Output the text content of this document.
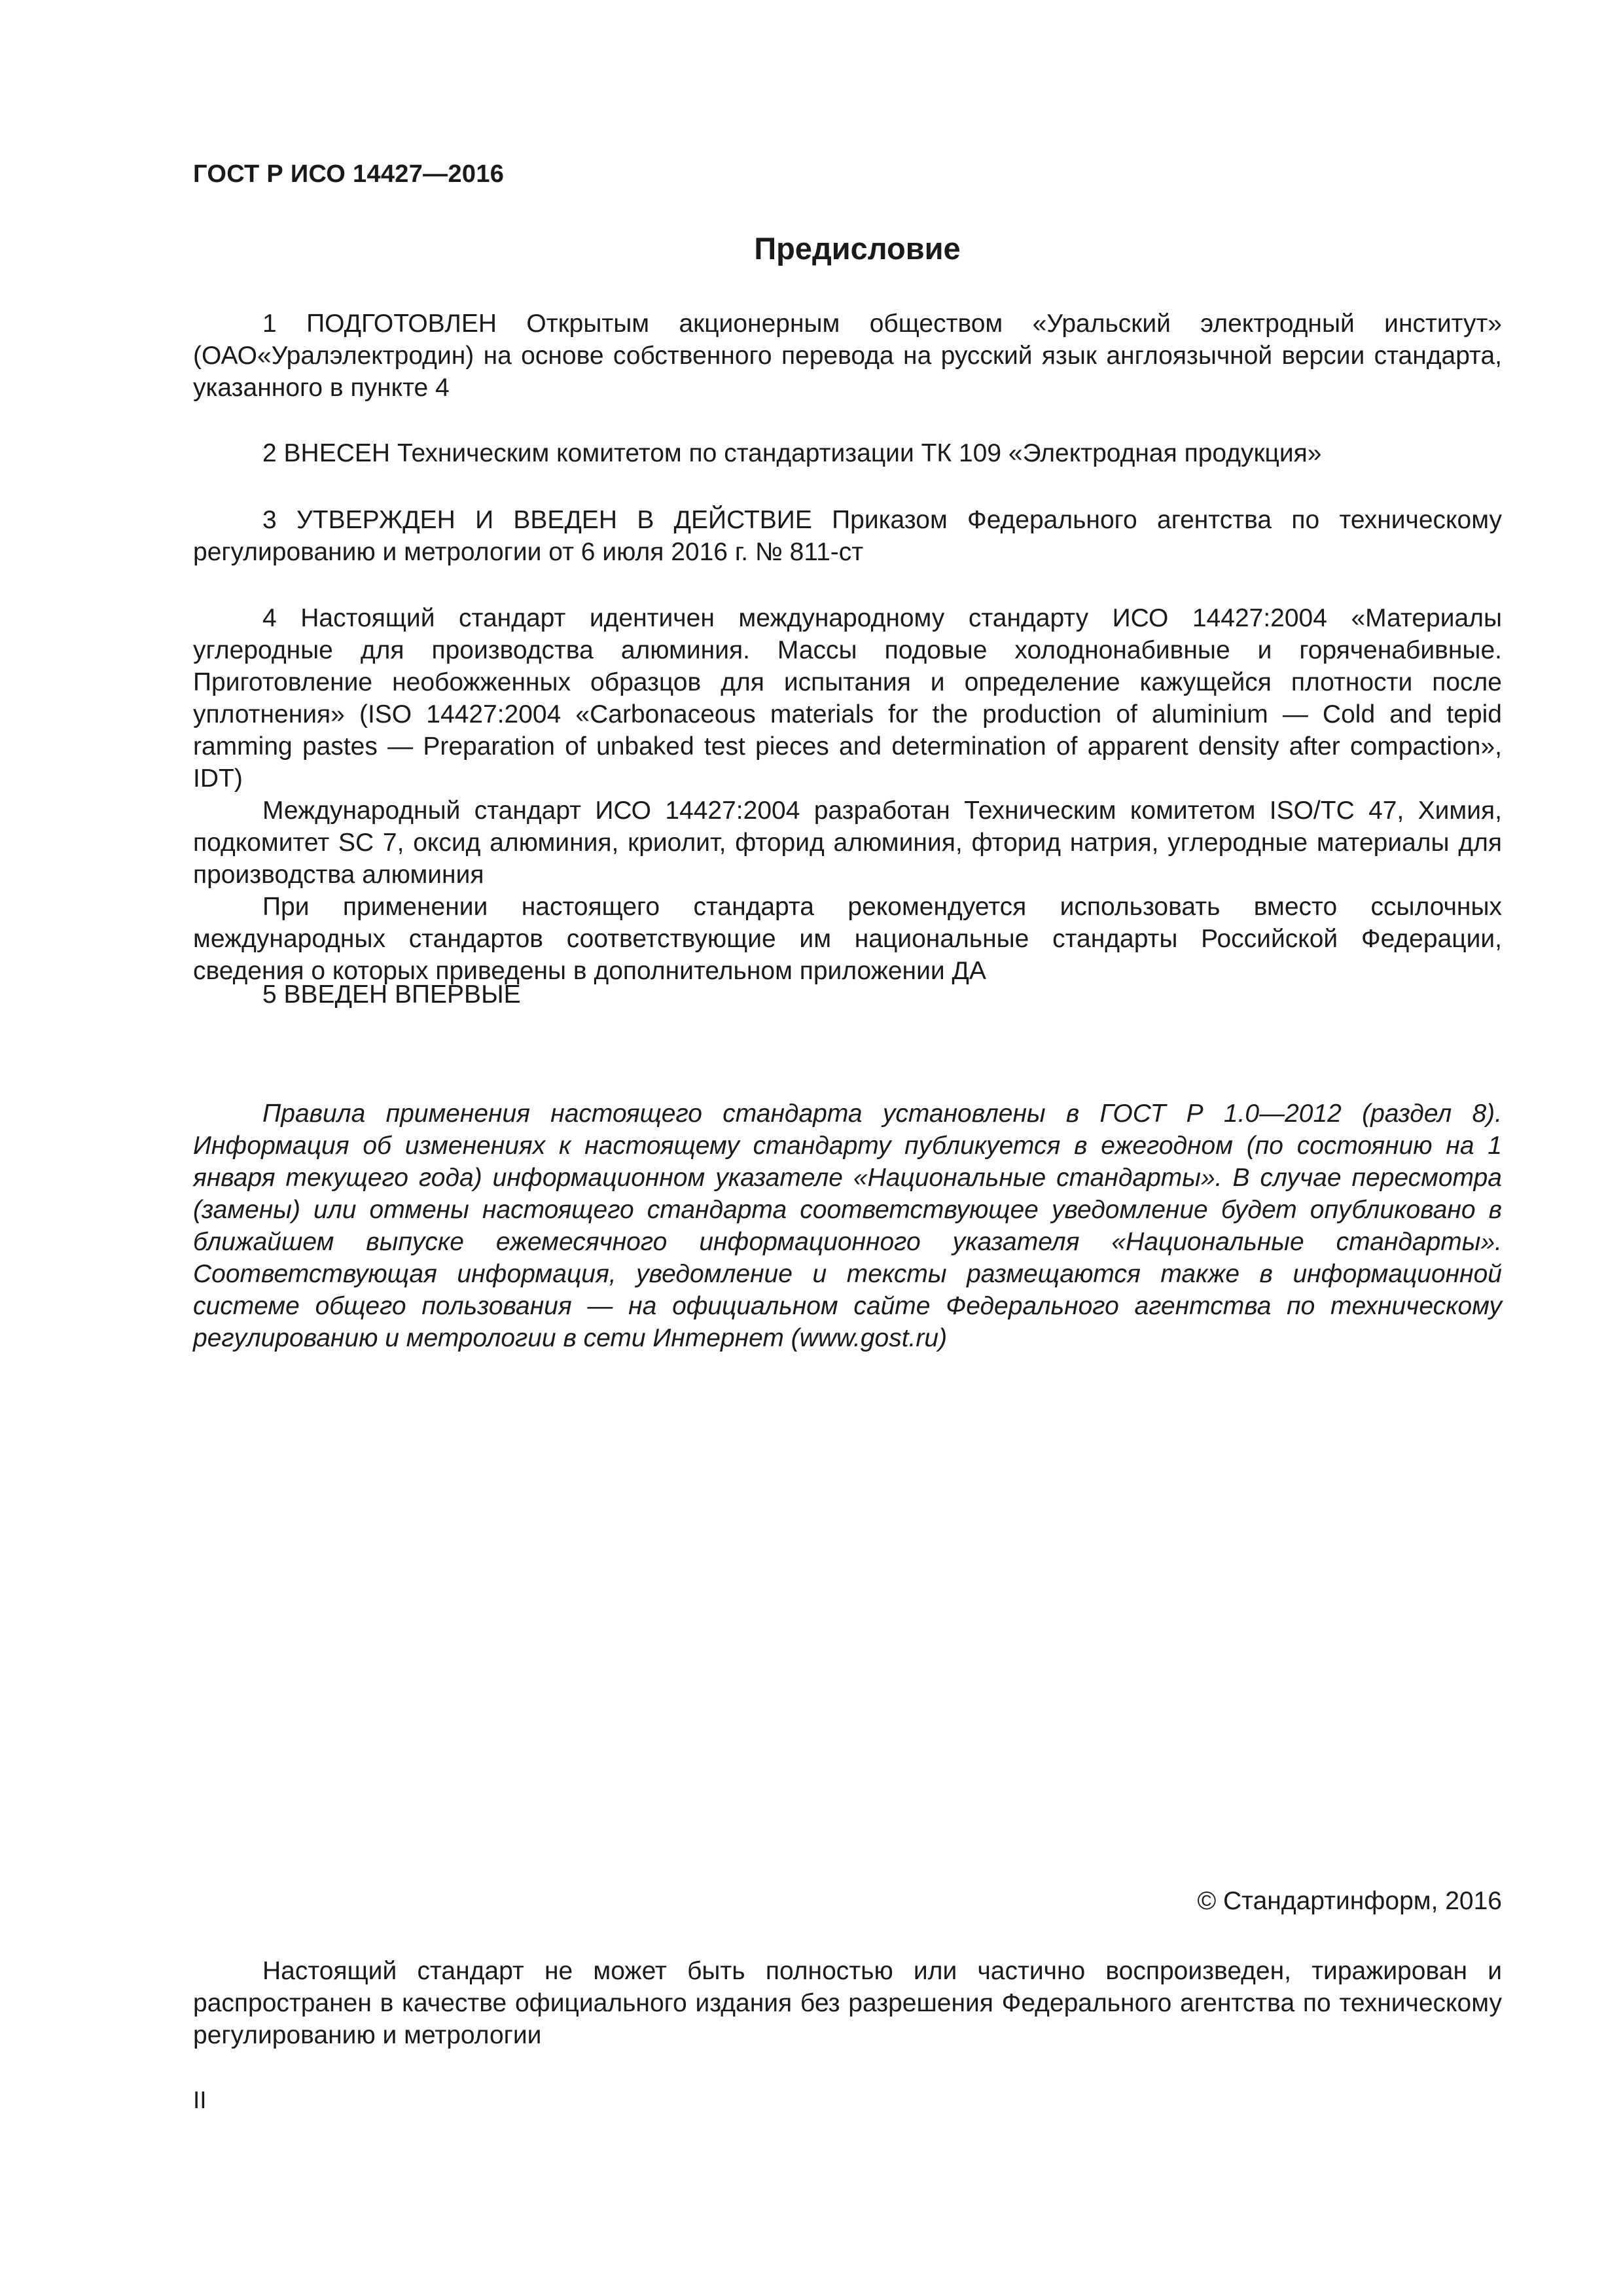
ГОСТ Р ИСО 14427—2016
Предисловие

1 ПОДГОТОВЛЕН Открытым акционерным обществом «Уральский электродный институт» (ОАО«Уралэлектродин) на основе собственного перевода на русский язык англоязычной версии стандарта, указанного в пункте 4

2 ВНЕСЕН Техническим комитетом по стандартизации ТК 109 «Электродная продукция»

3 УТВЕРЖДЕН И ВВЕДЕН В ДЕЙСТВИЕ Приказом Федерального агентства по техническому регулированию и метрологии от 6 июля 2016 г. № 811-ст

4 Настоящий стандарт идентичен международному стандарту ИСО 14427:2004 «Материалы углеродные для производства алюминия. Массы подовые холоднонабивные и горяченабивные. Приготовление необожженных образцов для испытания и определение кажущейся плотности после уплотнения» (ISO 14427:2004 «Carbonaceous materials for the production of aluminium — Cold and tepid ramming pastes — Preparation of unbaked test pieces and determination of apparent density after compaction», IDT)

Международный стандарт ИСО 14427:2004 разработан Техническим комитетом ISO/TC 47, Химия, подкомитет SC 7, оксид алюминия, криолит, фторид алюминия, фторид натрия, углеродные материалы для производства алюминия

При применении настоящего стандарта рекомендуется использовать вместо ссылочных международных стандартов соответствующие им национальные стандарты Российской Федерации, сведения о которых приведены в дополнительном приложении ДА

5 ВВЕДЕН ВПЕРВЫЕ

Правила применения настоящего стандарта установлены в ГОСТ Р 1.0—2012 (раздел 8). Информация об изменениях к настоящему стандарту публикуется в ежегодном (по состоянию на 1 января текущего года) информационном указателе «Национальные стандарты». В случае пересмотра (замены) или отмены настоящего стандарта соответствующее уведомление будет опубликовано в ближайшем выпуске ежемесячного информационного указателя «Национальные стандарты». Соответствующая информация, уведомление и тексты размещаются также в информационной системе общего пользования — на официальном сайте Федерального агентства по техническому регулированию и метрологии в сети Интернет (www.gost.ru)

© Стандартинформ, 2016

Настоящий стандарт не может быть полностью или частично воспроизведен, тиражирован и распространен в качестве официального издания без разрешения Федерального агентства по техническому регулированию и метрологии

II
